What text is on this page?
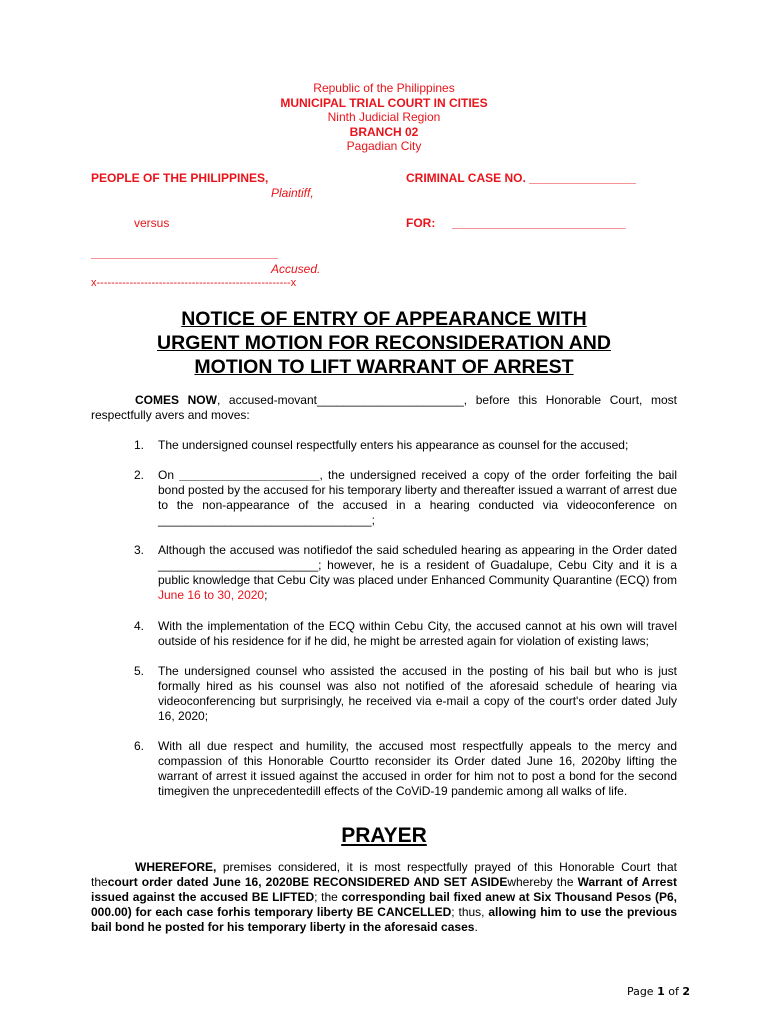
Republic of the Philippines
MUNICIPAL TRIAL COURT IN CITIES
Ninth Judicial Region
BRANCH 02
Pagadian City
PEOPLE OF THE PHILIPPINES,
Plaintiff,
versus
____________________________
Accused.
x-----------------------------------------------------x
CRIMINAL CASE NO. ________________
FOR: __________________________
NOTICE OF ENTRY OF APPEARANCE WITH
URGENT MOTION FOR RECONSIDERATION AND
MOTION TO LIFT WARRANT OF ARREST
COMES NOW, accused-movant______________________, before this Honorable Court, most respectfully avers and moves:
1. The undersigned counsel respectfully enters his appearance as counsel for the accused;
2. On _____________________, the undersigned received a copy of the order forfeiting the bail bond posted by the accused for his temporary liberty and thereafter issued a warrant of arrest due to the non-appearance of the accused in a hearing conducted via videoconference on ________________________________;
3. Although the accused was notifiedof the said scheduled hearing as appearing in the Order dated ________________________; however, he is a resident of Guadalupe, Cebu City and it is a public knowledge that Cebu City was placed under Enhanced Community Quarantine (ECQ) from June 16 to 30, 2020;
4. With the implementation of the ECQ within Cebu City, the accused cannot at his own will travel outside of his residence for if he did, he might be arrested again for violation of existing laws;
5. The undersigned counsel who assisted the accused in the posting of his bail but who is just formally hired as his counsel was also not notified of the aforesaid schedule of hearing via videoconferencing but surprisingly, he received via e-mail a copy of the court's order dated July 16, 2020;
6. With all due respect and humility, the accused most respectfully appeals to the mercy and compassion of this Honorable Courtto reconsider its Order dated June 16, 2020by lifting the warrant of arrest it issued against the accused in order for him not to post a bond for the second timegiven the unprecedentedill effects of the CoViD-19 pandemic among all walks of life.
PRAYER
WHEREFORE, premises considered, it is most respectfully prayed of this Honorable Court that thecourt order dated June 16, 2020BE RECONSIDERED AND SET ASIDEwhereby the Warrant of Arrest issued against the accused BE LIFTED; the corresponding bail fixed anew at Six Thousand Pesos (P6, 000.00) for each case forhis temporary liberty BE CANCELLED; thus, allowing him to use the previous bail bond he posted for his temporary liberty in the aforesaid cases.
Page 1 of 2
